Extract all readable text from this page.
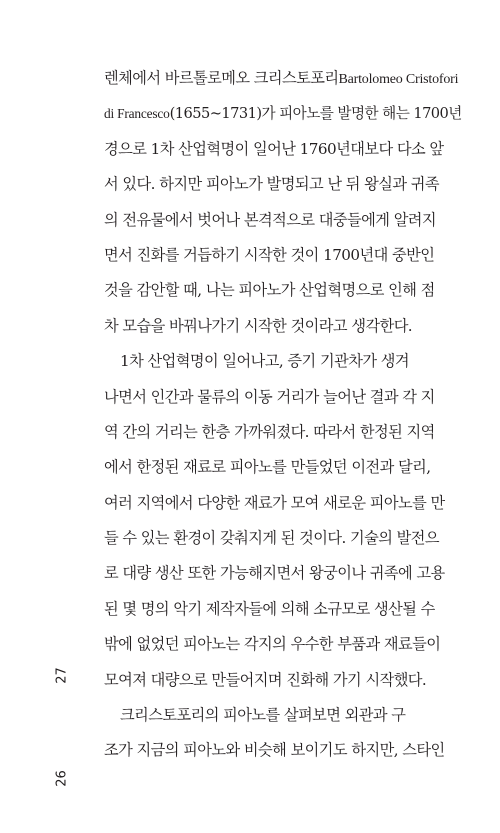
렌체에서 바르톨로메오 크리스토포리Bartolomeo Cristofori
di Francesco(1655~1731)가 피아노를 발명한 해는 1700년
경으로 1차 산업혁명이 일어난 1760년대보다 다소 앞
서 있다. 하지만 피아노가 발명되고 난 뒤 왕실과 귀족
의 전유물에서 벗어나 본격적으로 대중들에게 알려지
면서 진화를 거듭하기 시작한 것이 1700년대 중반인
것을 감안할 때, 나는 피아노가 산업혁명으로 인해 점
차 모습을 바꿔나가기 시작한 것이라고 생각한다.
1차 산업혁명이 일어나고, 증기 기관차가 생겨
나면서 인간과 물류의 이동 거리가 늘어난 결과 각 지
역 간의 거리는 한층 가까워졌다. 따라서 한정된 지역
에서 한정된 재료로 피아노를 만들었던 이전과 달리,
여러 지역에서 다양한 재료가 모여 새로운 피아노를 만
들 수 있는 환경이 갖춰지게 된 것이다. 기술의 발전으
로 대량 생산 또한 가능해지면서 왕궁이나 귀족에 고용
된 몇 명의 악기 제작자들에 의해 소규모로 생산될 수
밖에 없었던 피아노는 각지의 우수한 부품과 재료들이
모여져 대량으로 만들어지며 진화해 가기 시작했다.
크리스토포리의 피아노를 살펴보면 외관과 구
조가 지금의 피아노와 비슷해 보이기도 하지만, 스타인
27
26
